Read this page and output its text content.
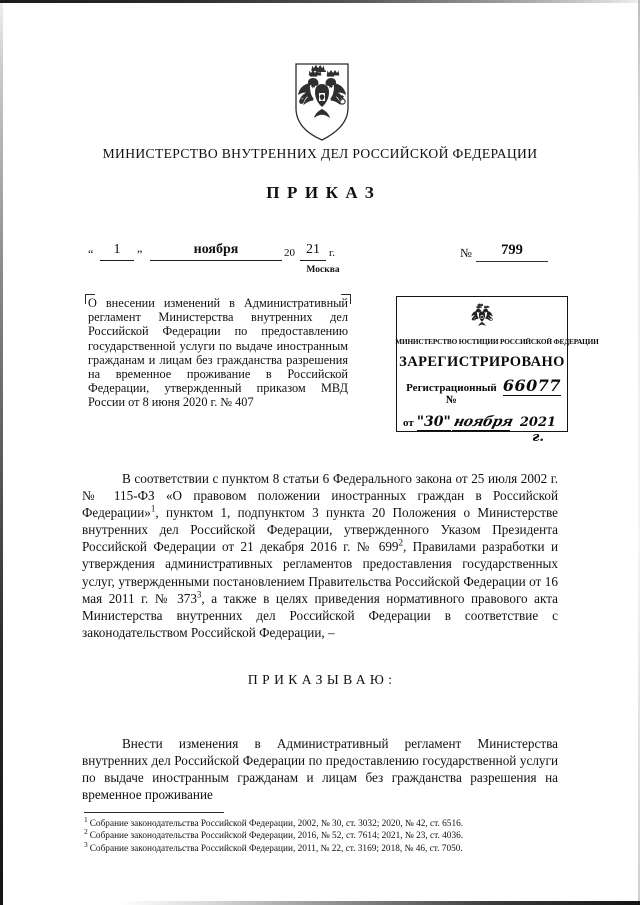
МИНИСТЕРСТВО ВНУТРЕННИХ ДЕЛ РОССИЙСКОЙ ФЕДЕРАЦИИ
ПРИКАЗ
“	1	”	ноября	20 21 г.
Москва
№	799
О внесении изменений в Административный регламент Министерства внутренних дел Российской Федерации по предоставлению государственной услуги по выдаче иностранным гражданам и лицам без гражданства разрешения на временное проживание в Российской Федерации, утвержденный приказом МВД России от 8 июня 2020 г. № 407
МИНИСТЕРСТВО ЮСТИЦИИ РОССИЙСКОЙ ФЕДЕРАЦИИ
ЗАРЕГИСТРИРОВАНО
Регистрационный №
66077
от "30" ноября 2021 г.
В соответствии с пунктом 8 статьи 6 Федерального закона от 25 июля 2002 г. № 115-ФЗ «О правовом положении иностранных граждан в Российской Федерации»$^1$, пунктом 1, подпунктом 3 пункта 20 Положения о Министерстве внутренних дел Российской Федерации, утвержденного Указом Президента Российской Федерации от 21 декабря 2016 г. № $699^2$, Правилами разработки и утверждения административных регламентов предоставления государственных услуг, утвержденными постановлением Правительства Российской Федерации от 16 мая 2011 г. № $373^3$, а также в целях приведения нормативного правового акта Министерства внутренних дел Российской Федерации в соответствие с законодательством Российской Федерации, –
ПРИКАЗЫВАЮ:
Внести изменения в Административный регламент Министерства внутренних дел Российской Федерации по предоставлению государственной услуги по выдаче иностранным гражданам и лицам без гражданства разрешения на временное проживание
$^1$ Собрание законодательства Российской Федерации, 2002, № 30, ст. 3032; 2020, № 42, ст. 6516.
$^2$ Собрание законодательства Российской Федерации, 2016, № 52, ст. 7614; 2021, № 23, ст. 4036.
$^3$ Собрание законодательства Российской Федерации, 2011, № 22, ст. 3169; 2018, № 46, ст. 7050.
